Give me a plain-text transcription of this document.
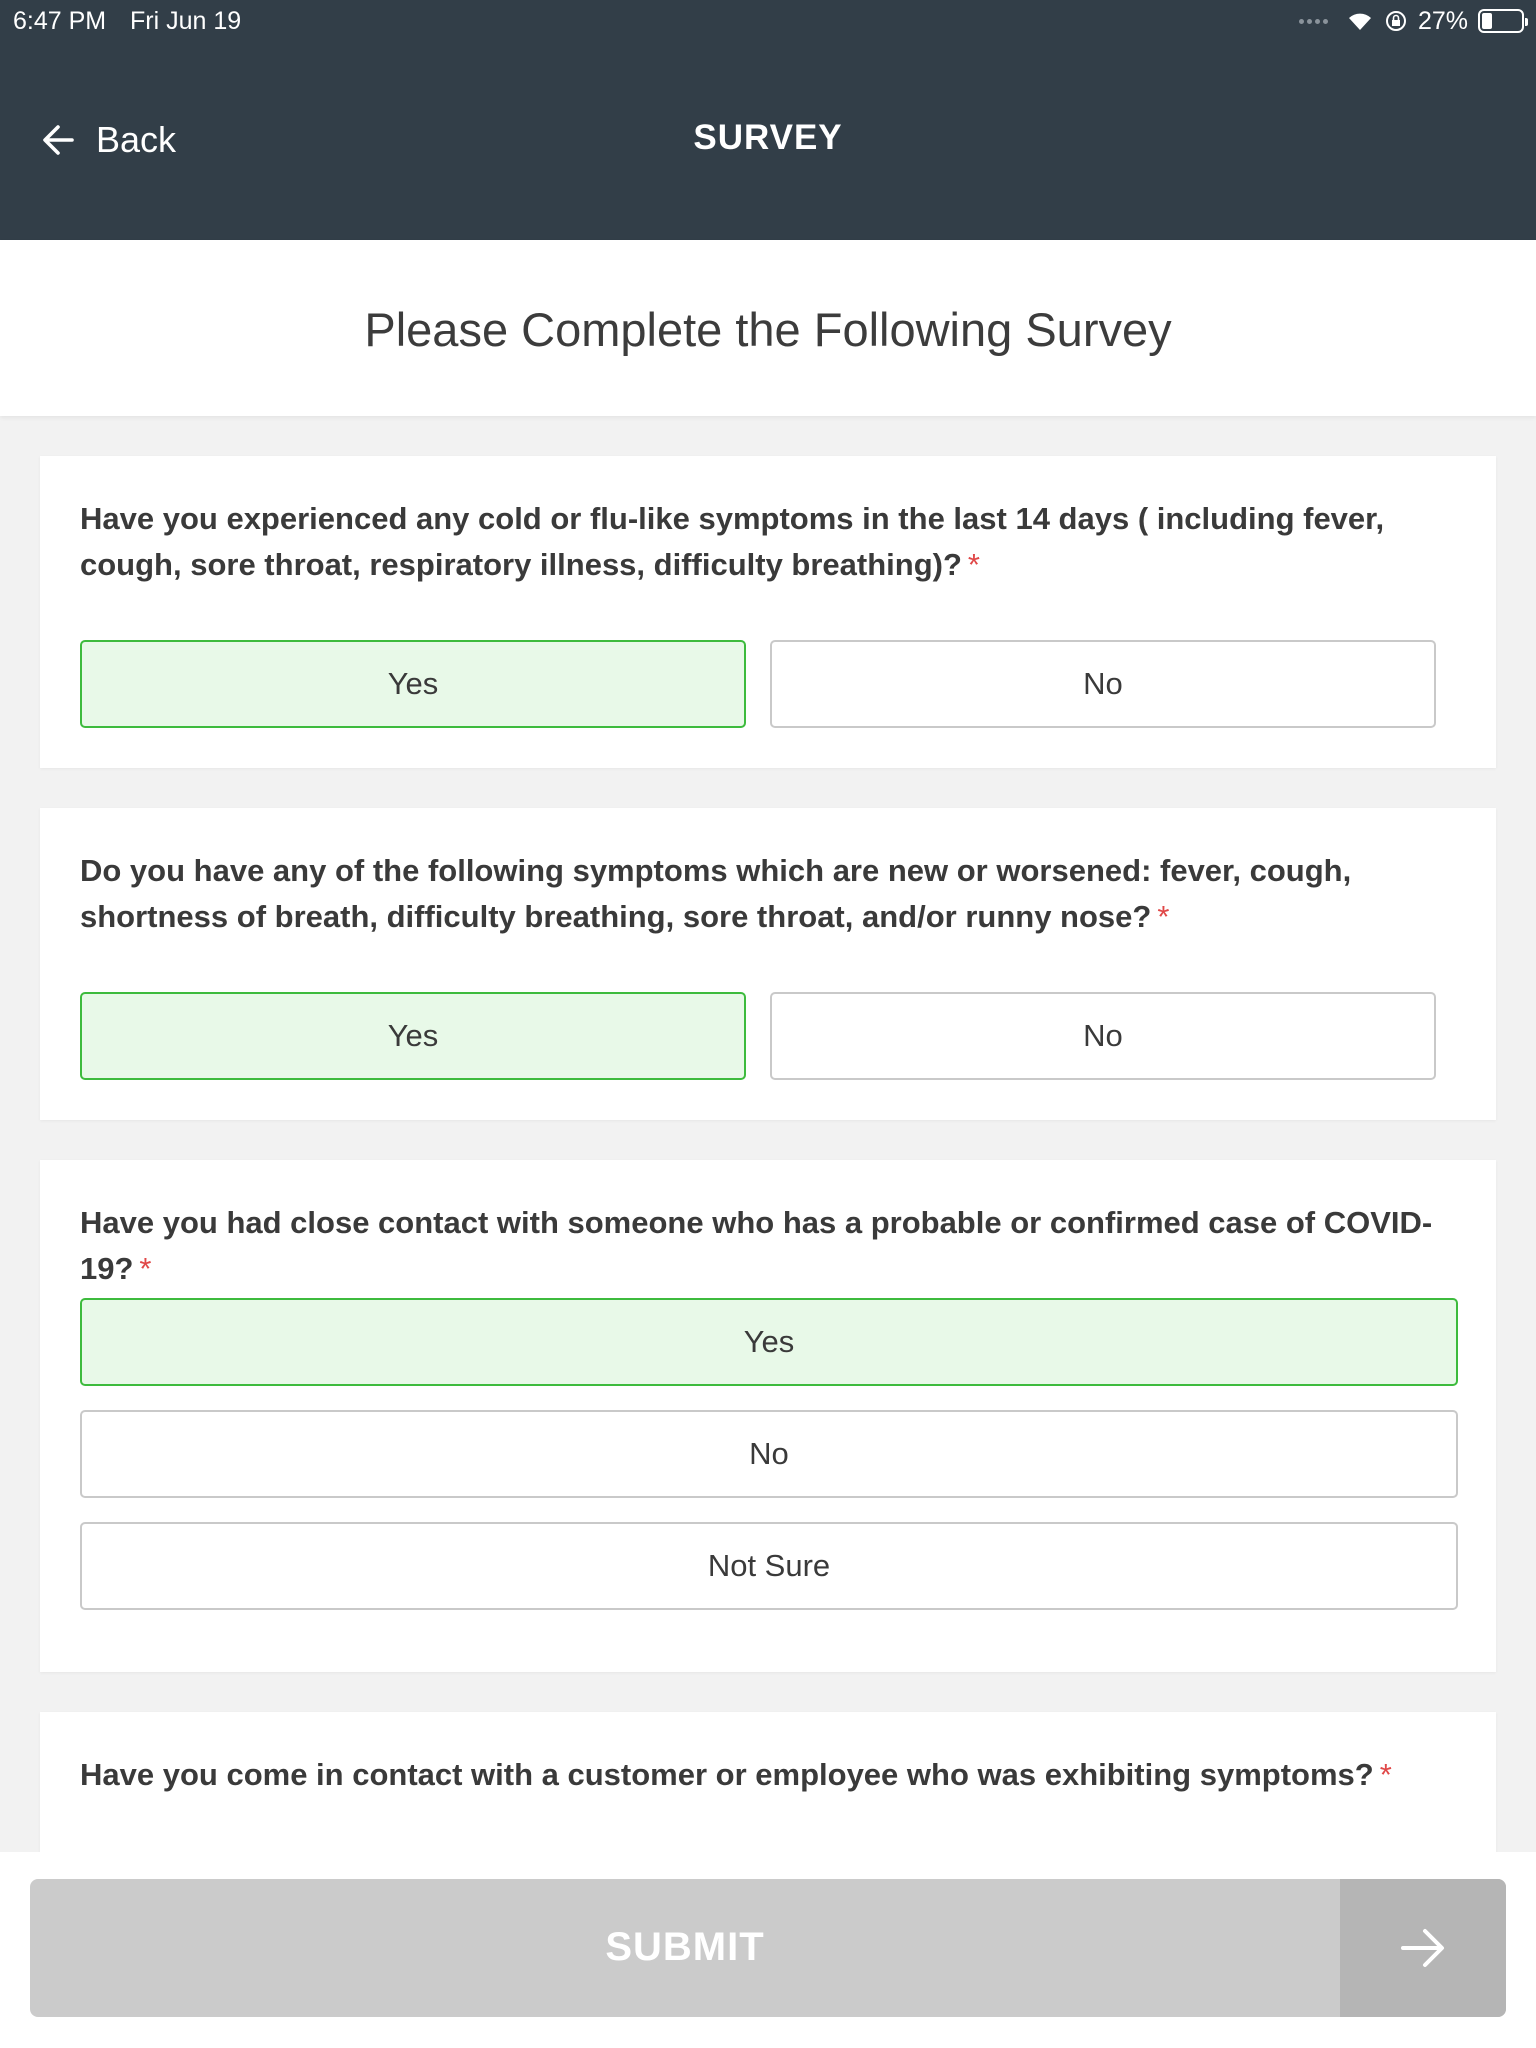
6:47 PM Fri Jun 19	27%
Back	SURVEY
Please Complete the Following Survey
Have you experienced any cold or flu-like symptoms in the last 14 days ( including fever, cough, sore throat, respiratory illness, difficulty breathing)? *
Yes	No
Do you have any of the following symptoms which are new or worsened: fever, cough, shortness of breath, difficulty breathing, sore throat, and/or runny nose? *
Yes	No
Have you had close contact with someone who has a probable or confirmed case of COVID-19? *
Yes
No
Not Sure
Have you come in contact with a customer or employee who was exhibiting symptoms? *
SUBMIT
